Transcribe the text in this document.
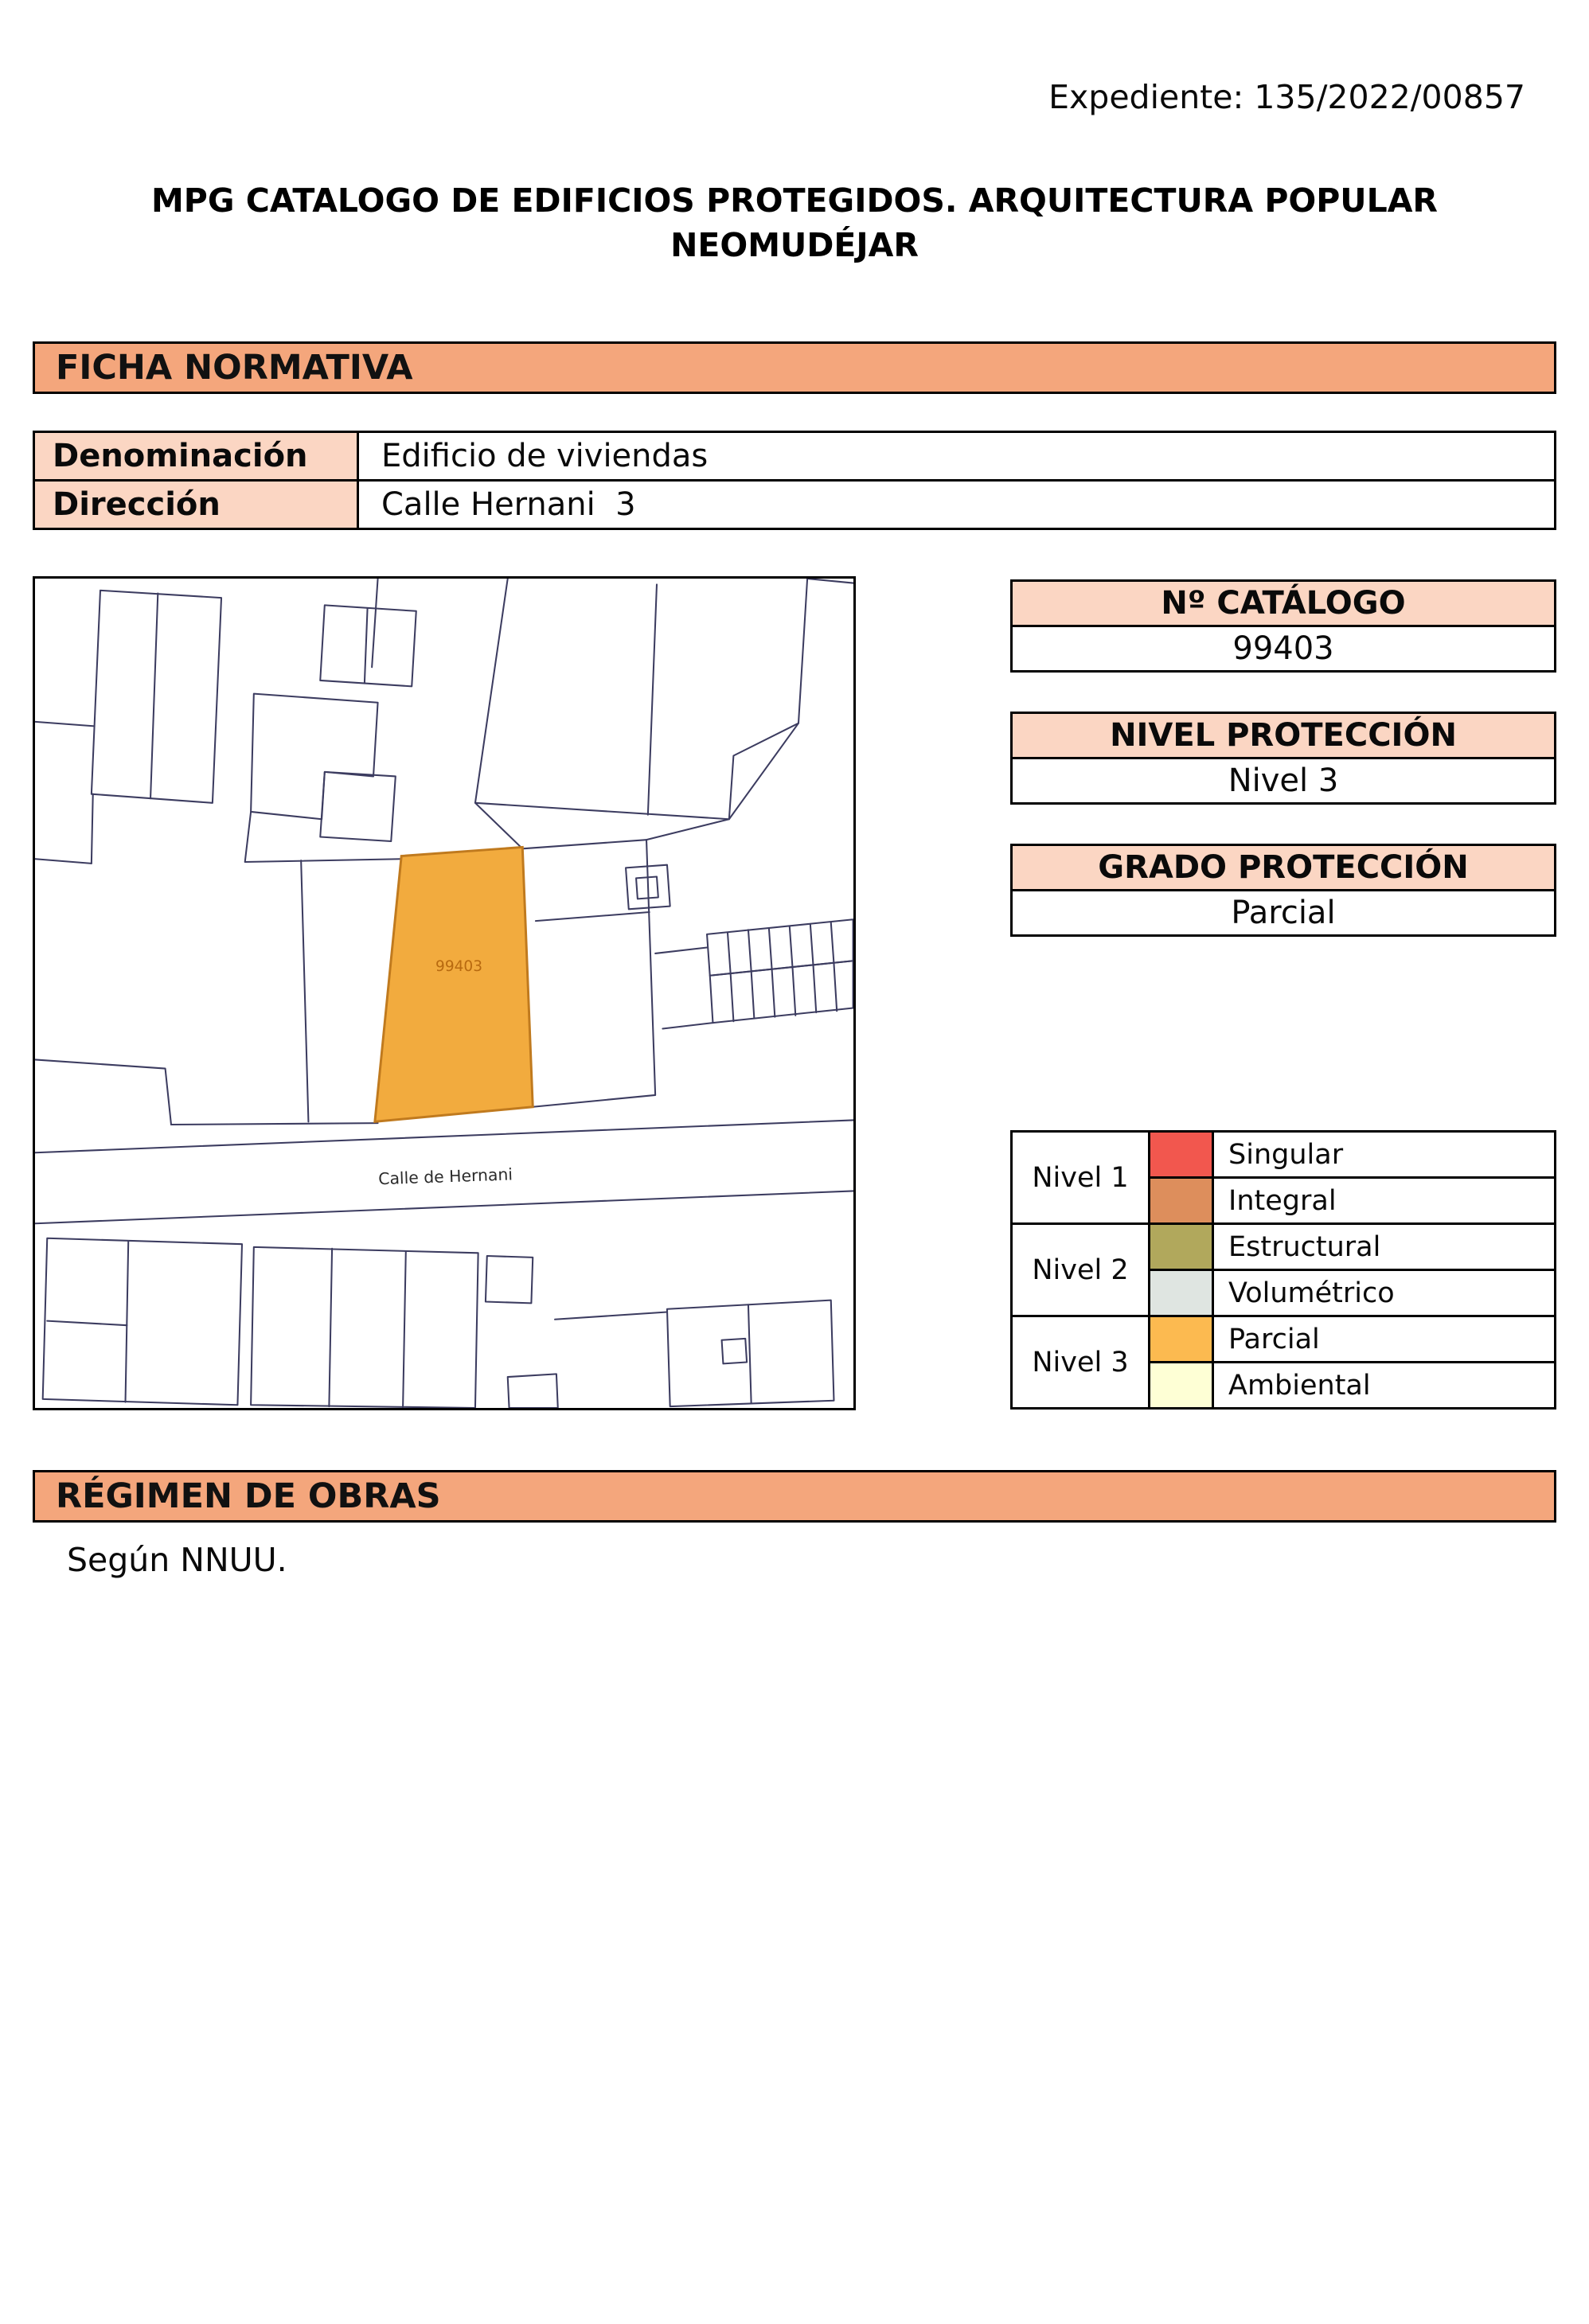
Expediente: 135/2022/00857
MPG CATALOGO DE EDIFICIOS PROTEGIDOS. ARQUITECTURA POPULAR
NEOMUDÉJAR
FICHA NORMATIVA
Denominación	Edificio de viviendas
Dirección	Calle Hernani  3
99403
Calle de Hernani
Nº CATÁLOGO
99403
NIVEL PROTECCIÓN
Nivel 3
GRADO PROTECCIÓN
Parcial
Nivel 1		Singular
		Integral
Nivel 2		Estructural
		Volumétrico
Nivel 3		Parcial
		Ambiental
RÉGIMEN DE OBRAS
Según NNUU.
